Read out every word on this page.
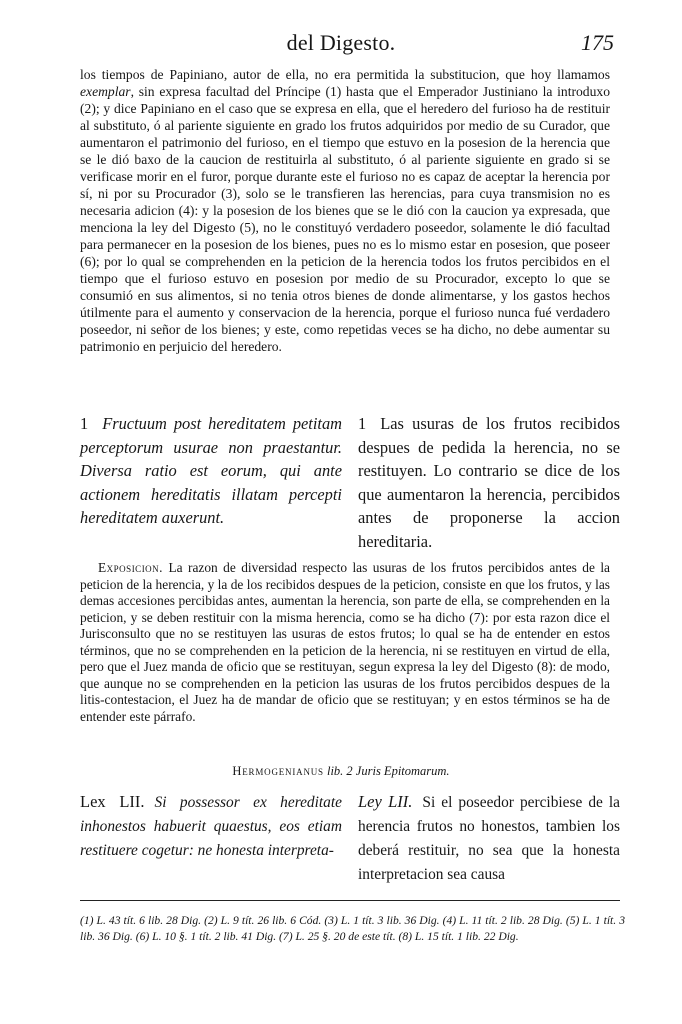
del Digesto.	175

los tiempos de Papiniano, autor de ella, no era permitida la substitucion, que hoy llamamos exemplar, sin expresa facultad del Príncipe (1) hasta que el Emperador Justiniano la introduxo (2); y dice Papiniano en el caso que se expresa en ella, que el heredero del furioso ha de restituir al substituto, ó al pariente siguiente en grado los frutos adquiridos por medio de su Curador, que aumentaron el patrimonio del furioso, en el tiempo que estuvo en la posesion de la herencia que se le dió baxo de la caucion de restituirla al substituto, ó al pariente siguiente en grado si se verificase morir en el furor, porque durante este el furioso no es capaz de aceptar la herencia por sí, ni por su Procurador (3), solo se le transfieren las herencias, para cuya transmision no es necesaria adicion (4): y la posesion de los bienes que se le dió con la caucion ya expresada, que menciona la ley del Digesto (5), no le constituyó verdadero poseedor, solamente le dió facultad para permanecer en la posesion de los bienes, pues no es lo mismo estar en posesion, que poseer (6); por lo qual se comprehenden en la peticion de la herencia todos los frutos percibidos en el tiempo que el furioso estuvo en posesion por medio de su Procurador, excepto lo que se consumió en sus alimentos, si no tenia otros bienes de donde alimentarse, y los gastos hechos útilmente para el aumento y conservacion de la herencia, porque el furioso nunca fué verdadero poseedor, ni señor de los bienes; y este, como repetidas veces se ha dicho, no debe aumentar su patrimonio en perjuicio del heredero.

1 Fructuum post hereditatem petitam perceptorum usurae non praestantur. Diversa ratio est eorum, qui ante actionem hereditatis illatam percepti hereditatem auxerunt.

1 Las usuras de los frutos recibidos despues de pedida la herencia, no se restituyen. Lo contrario se dice de los que aumentaron la herencia, percibidos antes de proponerse la accion hereditaria.

Exposicion. La razon de diversidad respecto las usuras de los frutos percibidos antes de la peticion de la herencia, y la de los recibidos despues de la peticion, consiste en que los frutos, y las demas accesiones percibidas antes, aumentan la herencia, son parte de ella, se comprehenden en la peticion, y se deben restituir con la misma herencia, como se ha dicho (7): por esta razon dice el Jurisconsulto que no se restituyen las usuras de estos frutos; lo qual se ha de entender en estos términos, que no se comprehenden en la peticion de la herencia, ni se restituyen en virtud de ella, pero que el Juez manda de oficio que se restituyan, segun expresa la ley del Digesto (8): de modo, que aunque no se comprehenden en la peticion las usuras de los frutos percibidos despues de la litis-contestacion, el Juez ha de mandar de oficio que se restituyan; y en estos términos se ha de entender este párrafo.

Hermogenianus lib. 2 Juris Epitomarum.

Lex LII. Si possessor ex hereditate inhonestos habuerit quaestus, eos etiam restituere cogetur: ne honesta interpreta-

Ley LII. Si el poseedor percibiese de la herencia frutos no honestos, tambien los deberá restituir, no sea que la honesta interpretacion sea causa

(1) L. 43 tít. 6 lib. 28 Dig. (2) L. 9 tít. 26 lib. 6 Cód. (3) L. 1 tít. 3 lib. 36 Dig. (4) L. 11 tít. 2 lib. 28 Dig. (5) L. 1 tít. 3 lib. 36 Dig. (6) L. 10 §. 1 tít. 2 lib. 41 Dig. (7) L. 25 §. 20 de este tít. (8) L. 15 tít. 1 lib. 22 Dig.
